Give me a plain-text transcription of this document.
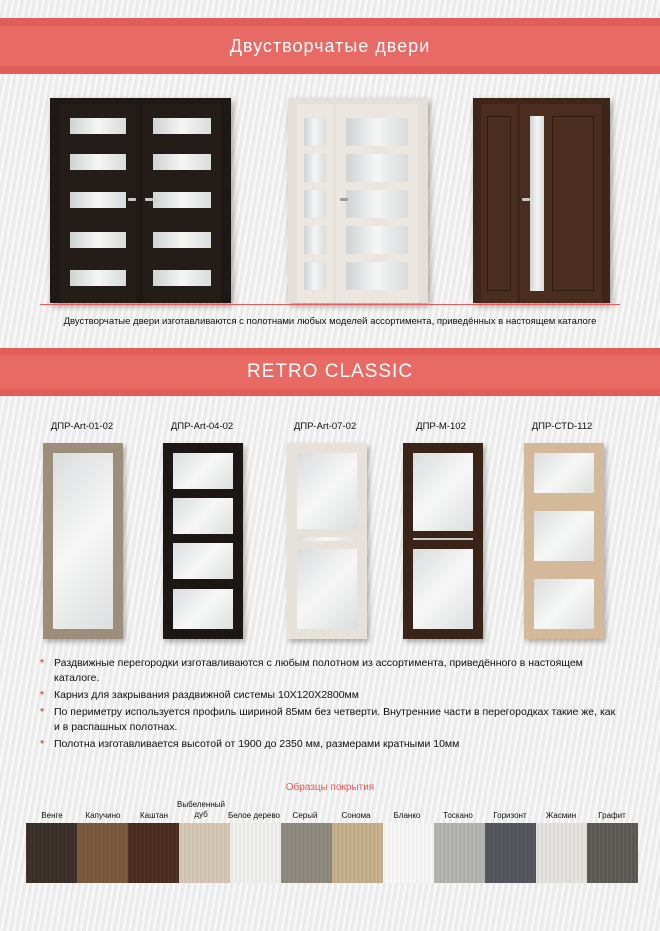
Двустворчатые двери
Двустворчатые двери изготавливаются с полотнами любых моделей ассортимента, приведённых в настоящем каталоге
RETRO CLASSIC
ДПР-Art-01-02	ДПР-Art-04-02	ДПР-Art-07-02	ДПР-M-102	ДПР-CTD-112
* Раздвижные перегородки изготавливаются с любым полотном из ассортимента, приведённого в настоящем каталоге.
* Карниз для закрывания раздвижной системы 10X120X2800мм
* По периметру используется профиль шириной 85мм без четверти. Внутренние части в перегородках такие же, как и в распашных полотнах.
* Полотна изготавливается высотой от 1900 до 2350 мм, размерами кратными 10мм
Образцы покрытия
Венге	Капучино	Каштан
Выбеленный дуб	Белое дерево	Серый	Сонома	Бланко	Тоскано	Горизонт	Жасмин	Графит
